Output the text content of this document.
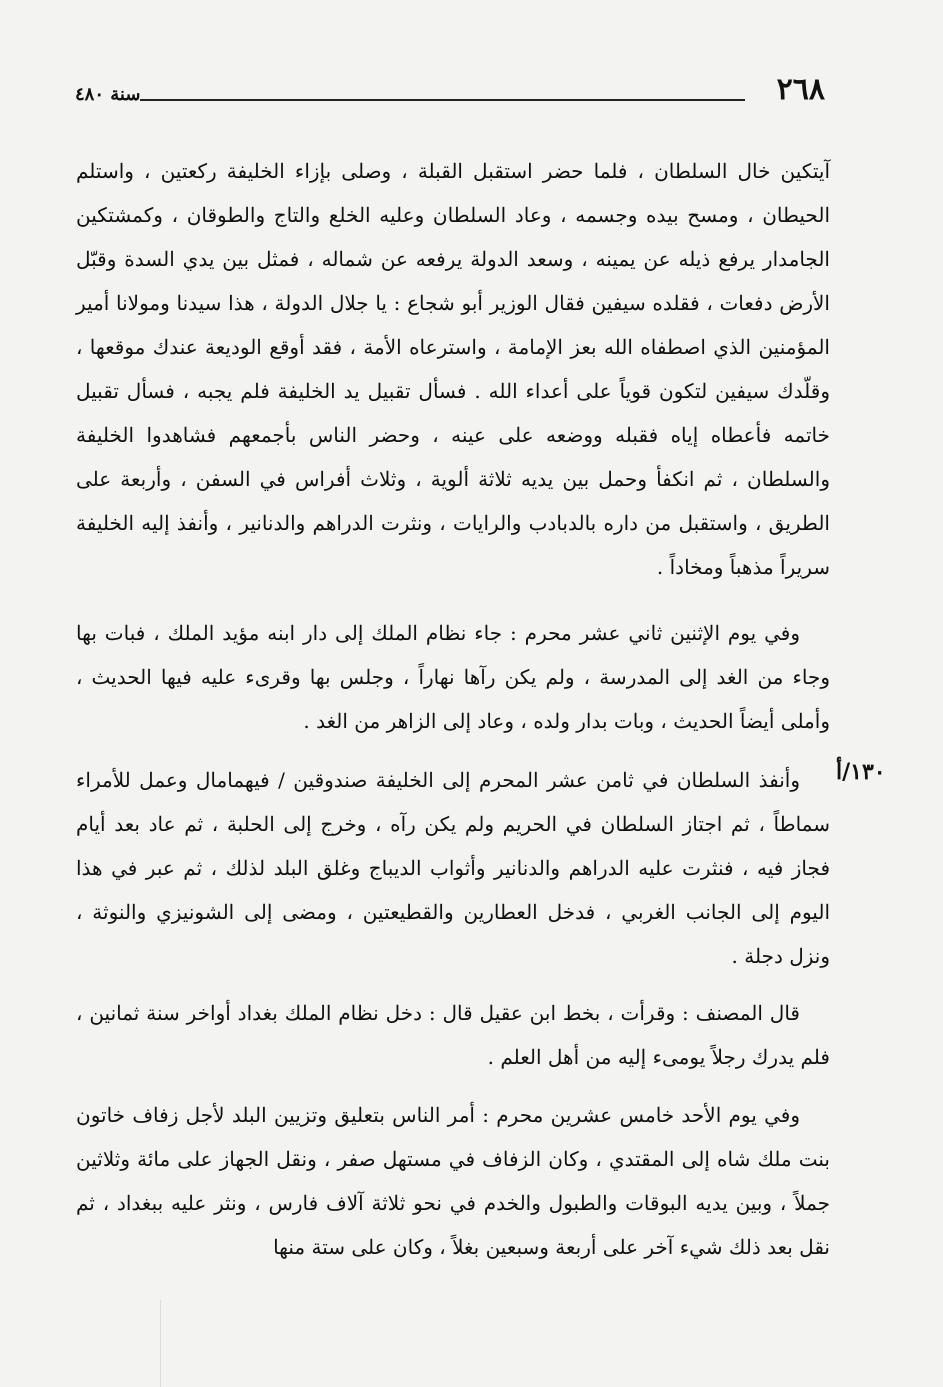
٢٦٨
سنة ٤٨٠

آيتكين خال السلطان ، فلما حضر استقبل القبلة ، وصلى بإزاء الخليفة ركعتين ، واستلم الحيطان ، ومسح بيده وجسمه ، وعاد السلطان وعليه الخلع والتاج والطوقان ، وكمشتكين الجامدار يرفع ذيله عن يمينه ، وسعد الدولة يرفعه عن شماله ، فمثل بين يدي السدة وقبّل الأرض دفعات ، فقلده سيفين فقال الوزير أبو شجاع : يا جلال الدولة ، هذا سيدنا ومولانا أمير المؤمنين الذي اصطفاه الله بعز الإمامة ، واسترعاه الأمة ، فقد أوقع الوديعة عندك موقعها ، وقلّدك سيفين لتكون قوياً على أعداء الله . فسأل تقبيل يد الخليفة فلم يجبه ، فسأل تقبيل خاتمه فأعطاه إياه فقبله ووضعه على عينه ، وحضر الناس بأجمعهم فشاهدوا الخليفة والسلطان ، ثم انكفأ وحمل بين يديه ثلاثة ألوية ، وثلاث أفراس في السفن ، وأربعة على الطريق ، واستقبل من داره بالدبادب والرايات ، ونثرت الدراهم والدنانير ، وأنفذ إليه الخليفة سريراً مذهباً ومخاداً .

وفي يوم الإثنين ثاني عشر محرم : جاء نظام الملك إلى دار ابنه مؤيد الملك ، فبات بها وجاء من الغد إلى المدرسة ، ولم يكن رآها نهاراً ، وجلس بها وقرىء عليه فيها الحديث ، وأملى أيضاً الحديث ، وبات بدار ولده ، وعاد إلى الزاهر من الغد .

وأنفذ السلطان في ثامن عشر المحرم إلى الخليفة صندوقين / فيهمامال وعمل للأمراء سماطاً ، ثم اجتاز السلطان في الحريم ولم يكن رآه ، وخرج إلى الحلبة ، ثم عاد بعد أيام فجاز فيه ، فنثرت عليه الدراهم والدنانير وأثواب الديباج وغلق البلد لذلك ، ثم عبر في هذا اليوم إلى الجانب الغربي ، فدخل العطارين والقطيعتين ، ومضى إلى الشونيزي والنوثة ، ونزل دجلة .

١٣٠/أ

قال المصنف : وقرأت ، بخط ابن عقيل قال : دخل نظام الملك بغداد أواخر سنة ثمانين ، فلم يدرك رجلاً يومىء إليه من أهل العلم .

وفي يوم الأحد خامس عشرين محرم : أمر الناس بتعليق وتزيين البلد لأجل زفاف خاتون بنت ملك شاه إلى المقتدي ، وكان الزفاف في مستهل صفر ، ونقل الجهاز على مائة وثلاثين جملاً ، وبين يديه البوقات والطبول والخدم في نحو ثلاثة آلاف فارس ، ونثر عليه ببغداد ، ثم نقل بعد ذلك شيء آخر على أربعة وسبعين بغلاً ، وكان على ستة منها
